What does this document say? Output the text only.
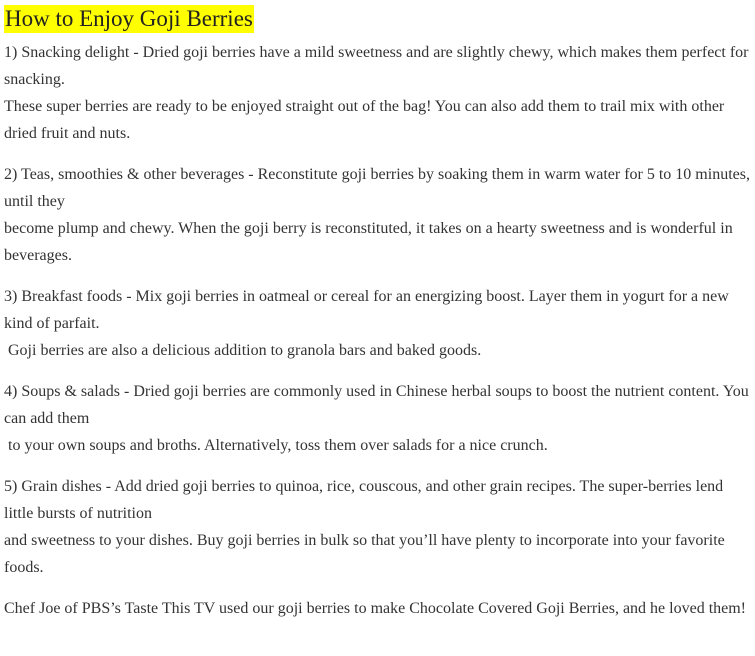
How to Enjoy Goji Berries
1) Snacking delight - Dried goji berries have a mild sweetness and are slightly chewy, which makes them perfect for snacking.
These super berries are ready to be enjoyed straight out of the bag! You can also add them to trail mix with other dried fruit and nuts.
2) Teas, smoothies & other beverages - Reconstitute goji berries by soaking them in warm water for 5 to 10 minutes, until they
become plump and chewy. When the goji berry is reconstituted, it takes on a hearty sweetness and is wonderful in beverages.
3) Breakfast foods - Mix goji berries in oatmeal or cereal for an energizing boost. Layer them in yogurt for a new kind of parfait.
Goji berries are also a delicious addition to granola bars and baked goods.
4) Soups & salads - Dried goji berries are commonly used in Chinese herbal soups to boost the nutrient content. You can add them
to your own soups and broths. Alternatively, toss them over salads for a nice crunch.
5) Grain dishes - Add dried goji berries to quinoa, rice, couscous, and other grain recipes. The super-berries lend little bursts of nutrition
and sweetness to your dishes. Buy goji berries in bulk so that you’ll have plenty to incorporate into your favorite foods.

Chef Joe of PBS’s Taste This TV used our goji berries to make Chocolate Covered Goji Berries, and he loved them!
